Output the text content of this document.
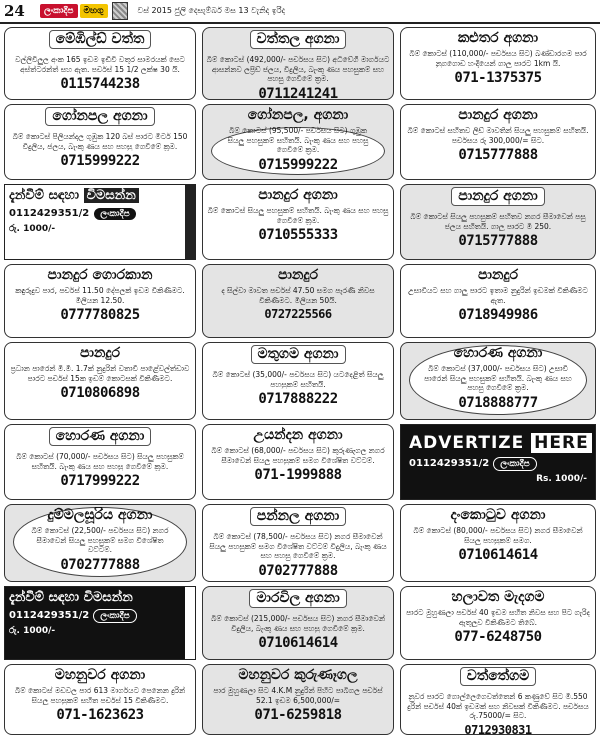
24	ලංකාදීප	මහගු	වස් 2015 ජුලි දෙසැම්බර් මස 13 වැනිද ඉරිද
මේඹිල්ඩ් වත්ත
වල්ලිවිලුල අංක 165 ඉඩම ඉඩිවි වතුර සාමරයක් සෙට අස්ත්ටරන්ත් සහ ඇත. පර්චස් 15 1/2 ලක්ෂ 30 යි.
0115744238
වත්තල අගනා
බිම් කොටස් (492,000/- පර්චසය සිට) අධිවේගී මාර්ගයට ආසන්නව ලප්‍රිඩ් ජලය, විදුලිය, බැංකු ණය පහසුකම් සහ පහසු ගෙවීමේ ක්‍රම.
0711241241
කළුතර අගනා
බිම් කොටස් (110,000/- පර්චසය සිට) බණ්ඩාරගම පාර නුගගොඩ හංදියෙන් ගාලු පාරට 1km යි.
071-1375375
ගෝනපල අගනා
බිම් කොටස් පිලියන්දල ගුඹුක 120 බස් පාරට මීටර් 150 විදුලිය, ජලය, බැංකු ණය සහ පහසු ගෙවීමේ ක්‍රම.
0715999222
ගෝනපල, අගනා
බිම් කොටස් (95,500/- පර්චසය සිට) ගුඹුක සියලු පහසුකම් සහිතයි. බැංකු ණය සහ පහසු ගෙවීමේ ක්‍රම.
0715999222
පානදුර අගනා
බිම් කොටස් සහිතව ලිඩ් මාවතින් සියලු පහසුකම් සහිතයි. පර්චසය රු 300,000/= සිට.
0715777888
දැන්වීම් සඳහා විමසන්න
0112429351/2 ලංකාදීප
රු. 1000/-
පානදුර අගනා
බිම් කොටස් සියලු පහසුකම් සහිතයි. බැංකු ණය සහ පහසු ගෙවීමේ ක්‍රම.
0710555333
පානදුර අගනා
බිම් කොටස් සියලු පහසුකම් සහිතව නගර සීමාවෙන් පසු ජලය සහිතයි. ගාලු පාරට මී 250.
0715777888
පානදුර ගොරකාන
කඳුරුදුව පාර, පර්චස් 11.50 දේපලක් ඉඩම විකිණීමට. මිලියන 12.50.
0777780825
පානදුර
ද සිල්වා මාවත පර්චස් 47.50 සමග පැරණි නිවස විකිණීමට. මිලියන 50යි.
0727225566
පානදුර
උසාවියට සහ ගාලු පාරට ඉතාම නුදුරින් ඉඩමක් විකිණීමට ඇත.
0718949986
පානදුර
ප්‍රධාන පාරෙන් මී.මී. 1.7ක් නුදුරින් වතාවී පාළේවල්ත්ඩාව පාරට පර්චස් 15ක ඉඩම් කොටසක් විකිණීමට.
0710806898
මතුගම අගනා
බිම් කොටස් (35,000/- පර්චසය සිට) යටදෙළිත් සියලු පහසුකම් සහිතයි.
0717888222
හොරණ අගනා
බිම් කොටස් (37,000/- පර්චසය සිට) උසාවි පාරෙන් සියලු පහසුකම් සහිතයි. බැංකු ණය සහ පහසු ගෙවීමේ ක්‍රම.
0718888777
හොරණ අගනා
බිම් කොටස් (70,000/- පර්චසය සිට) සියලු පහසුකම් සහිතයි. බැංකු ණය සහ පහසු ගෙවීමේ ක්‍රම.
0717999222
උයන්දන අගනා
බිම් කොටස් (68,000/- පර්චසය සිට) කුරුණෑගල නගර සීමාවෙන් සියලු පහසුකම් සමග විශේෂිත වට්ටම්.
071-1999888
ADVERTIZE HERE
0112429351/2 ලංකාදීප
Rs. 1000/-
දුම්මලසූරිය අගනා
බිම් කොටස් (22,500/- පර්චසය සිට) නගර සීමාවෙන් සියලු පහසුකම් සමග විශේෂිත වට්ටම්.
0702777888
පන්නල අගනා
බිම් කොටස් (78,500/- පර්චසය සිට) නගර සීමාවෙන් සියලු පහසුකම් සමග විශේෂිත වට්ටම් විදුලිය, බැංකු ණය සහ පහසු ගෙවීමේ ක්‍රම.
0702777888
දංකොටුව අගනා
බිම් කොටස් (80,000/- පර්චසය සිට) නගර සීමාවෙන් සියලු පහසුකම් සමග.
0710614614
දැන්වීම් සඳහා විමසන්න
0112429351/2 ලංකාදීප
රු. 1000/-
මාරවිල අගනා
බිම් කොටස් (215,000/- පර්චසය සිට) නගර සීමාවෙන් විදුලිය, බැංකු ණය සහ පහසු ගෙවීමේ ක්‍රම.
0710614614
හලාවත මැදගම
පාරට මුහුණලා පර්චස් 40 ඉඩම සහිත නිවස සහ පිට ගැරිද ඇතුලුව විකිණීමට තිබේ.
077-6248750
මහනුවර අගනා
බිම් කොටස් මඩවල පාර 613 මාර්ගයට පෙනෙන දුරින් සියලු පහසුකම් සහිත පර්චස් 15 විකිණීමට.
071-1623623
මහනුවර කුරුණෑගල
පාර මුහුණලා සිට 4.K.M නුදුරින් පිහිට පාබිගල පර්චස් 52.1 ඉඩම 6,500,000/=
071-6259818
වත්තේගම
නුවර පාරට ගොල්ලෙගෙවත්තෙන් 6 කණුවේ සිට මී.550 දුරින් පර්චස් 40ක් ඉඩමක් සහ නිවසක් විකිණීමට. පර්චසය රු.75000/= සිට.
0712930831
